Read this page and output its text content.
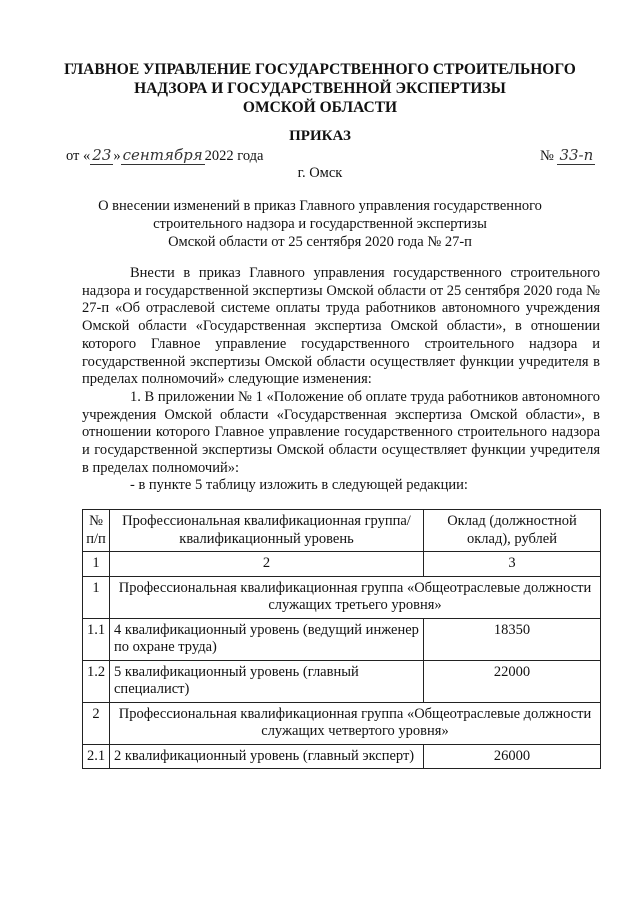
ГЛАВНОЕ УПРАВЛЕНИЕ ГОСУДАРСТВЕННОГО СТРОИТЕЛЬНОГО
НАДЗОРА И ГОСУДАРСТВЕННОЙ ЭКСПЕРТИЗЫ
ОМСКОЙ ОБЛАСТИ
ПРИКАЗ
от « 23 » сентября 2022 года	№ 33-п
г. Омск
О внесении изменений в приказ Главного управления государственного
строительного надзора и государственной экспертизы
Омской области от 25 сентября 2020 года № 27-п

Внести в приказ Главного управления государственного строительного надзора и государственной экспертизы Омской области от 25 сентября 2020 года № 27-п «Об отраслевой системе оплаты труда работников автономного учреждения Омской области «Государственная экспертиза Омской области», в отношении которого Главное управление государственного строительного надзора и государственной экспертизы Омской области осуществляет функции учредителя в пределах полномочий» следующие изменения:

1. В приложении № 1 «Положение об оплате труда работников автономного учреждения Омской области «Государственная экспертиза Омской области», в отношении которого Главное управление государственного строительного надзора и государственной экспертизы Омской области осуществляет функции учредителя в пределах полномочий»:

- в пункте 5 таблицу изложить в следующей редакции:

№ п/п	Профессиональная квалификационная группа/квалификационный уровень	Оклад (должностной оклад), рублей
1	2	3
1	Профессиональная квалификационная группа «Общеотраслевые должности служащих третьего уровня»	
1.1	4 квалификационный уровень (ведущий инженер по охране труда)	18350
1.2	5 квалификационный уровень (главный специалист)	22000
2	Профессиональная квалификационная группа «Общеотраслевые должности служащих четвертого уровня»	
2.1	2 квалификационный уровень (главный эксперт)	26000
